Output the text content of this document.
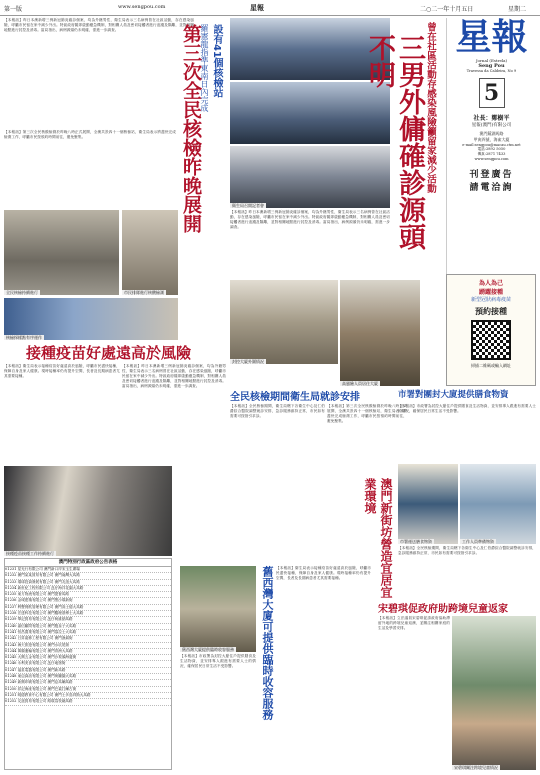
第一版	www.sengpou.com	星報	二○二一年十月五日	星期二
【本報訊】昨日本澳新增三例新冠肺炎確診個案，均為外籍男性，衛生局表示三名病例曾在社區活動，存在感染風險，呼籲市民留在家中減少外出。特區政府隨即啟動應急機制，對相關人員及密切接觸者進行追蹤及隔離，並對相關地點進行封控及消毒。當局指出，病例源頭仍未明確，需進一步調查。	設有41個核檢站
羅憲龍指準東南日內完成
第三次全民核檢昨晚展開
【本報訊】第三次全民核酸檢測於昨晚八時正式展開，全澳共設四十一個核檢站，衛生局表示將盡快完成檢測工作，呼籲市民按預約時間前往，避免聚集。
全民核檢持續進行	市民排隊進行核酸檢測
核檢採樣點有序運作
接種疫苗好處遠高於風險
【本報訊】衛生局表示接種疫苗好處遠高於風險，呼籲市民盡快接種，保障自身及家人健康。現時接種率仍有提升空間，長者及長期病患者尤其需要接種。
【本報訊】昨日本澳新增三例新冠肺炎確診個案，均為外籍男性，衛生局表示三名病例曾在社區活動，存在感染風險，呼籲市民留在家中減少外出。特區政府隨即啟動應急機制，對相關人員及密切接觸者進行追蹤及隔離，並對相關地點進行封控及消毒。當局指出，病例源頭仍未明確，需進一步調查。
接種疫苗接種工作持續進行
澳門特別行政區政府公告表格
01231 星光行有限公司 澳門新口岸宋玉生廣場
01232 澳門某某貿易有限公司 澳門南灣大馬路
01233 環球投資發展有限公司 澳門友誼大馬路
01234 新世紀工程有限公司 氹仔海洋花園大馬路
01235 東方物流有限公司 澳門提督馬路
01236 金城建築有限公司 澳門黑沙環新街
01237 利豐餐飲管理有限公司 澳門高士德大馬路
01238 宏達科技有限公司 澳門羅理基博士大馬路
01239 華記貿易有限公司 氹仔柯維納馬路
01240 嘉信顧問有限公司 澳門殷皇子大馬路
01241 恒昌置業有限公司 澳門慕拉士大馬路
01242 日昇裝修工程有限公司 澳門漁翁街
01243 海天旅遊有限公司 澳門水坑尾街
01244 萬順運輸有限公司 澳門青洲大馬路
01245 大興五金有限公司 澳門沙梨頭海邊街
01246 永利美食有限公司 氹仔地堡街
01247 福星電器有限公司 澳門新馬路
01248 東亞資訊有限公司 澳門荷蘭園大馬路
01249 新興印刷有限公司 澳門亞馬喇馬路
01250 祥記海產有限公司 澳門巴素打爾古街
01251 明德教育中心有限公司 澳門士多鳥拜斯大馬路
01252 友誼貿易有限公司 路環荔枝碗馬路
衛生局召開記者會
【本報訊】昨日本澳新增三例新冠肺炎確診個案，均為外籍男性，衛生局表示三名病例曾在社區活動，存在感染風險，呼籲市民留在家中減少外出。特區政府隨即啟動應急機制，對相關人員及密切接觸者進行追蹤及隔離，並對相關地點進行封控及消毒。當局指出，病例源頭仍未明確，需進一步調查。
封控大廈外圍情況
高風險人員居住大廈
全民核檢期間衛生局就診安排
【本報訊】全民核檢期間，衛生局轄下各衛生中心及仁伯爵綜合醫院調整就診安排，急診服務維持正常，市民如有需要可按指引求診。
【本報訊】第三次全民核酸檢測於昨晚八時正式展開，全澳共設四十一個核檢站，衛生局表示將盡快完成檢測工作，呼籲市民按預約時間前往，避免聚集。
舊西灣大廈提供臨時收容服務 舊西灣大廈可提供臨時收容服務
【本報訊】市政署為封控大廈住戶提供膳食及生活物資，並安排專人跟進有需要人士的情況，確保居民日常生活不受影響。
【本報訊】衛生局表示接種疫苗好處遠高於風險，呼籲市民盡快接種，保障自身及家人健康。現時接種率仍有提升空間，長者及長期病患者尤其需要接種。
曾在社區活動存感染風險籲留家減少活動
三男外傭確診源頭不明	星報
Jornal (Estrela)
Seng Pou
Travessa da Caldeira, No 9
5
社長：鄭樹平
星報(澳門)有限公司
澳門鏡湖馬路
甲寅四號，海雀大廈
e-mail:sengpou@macau.ctm.net
電話:2892 5050
傳真:2871 7433
www.sengpou.com
刊登廣告
請電洽詢
為人為己
踴躍接種
新型冠狀病毒疫苗
預約接種
掃描二維碼或輸入網址
市署對團封大廈提供膳食物資
【本報訊】市政署為封控大廈住戶提供膳食及生活物資，並安排專人跟進有需要人士的情況，確保居民日常生活不受影響。
市署運送膳食物資	工作人員準備物資
澳門新街坊營造宜居宜業環境
【本報訊】全民核檢期間，衛生局轄下各衛生中心及仁伯爵綜合醫院調整就診安排，急診服務維持正常，市民如有需要可按指引求診。
宋碧琪促政府助跨境兒童返家
【本報訊】立法議員宋碧琪促請政府協助滯留外地的跨境兒童返澳，並關注相關家庭的生活及學習安排。
宋碧琪關注跨境兒童情況
